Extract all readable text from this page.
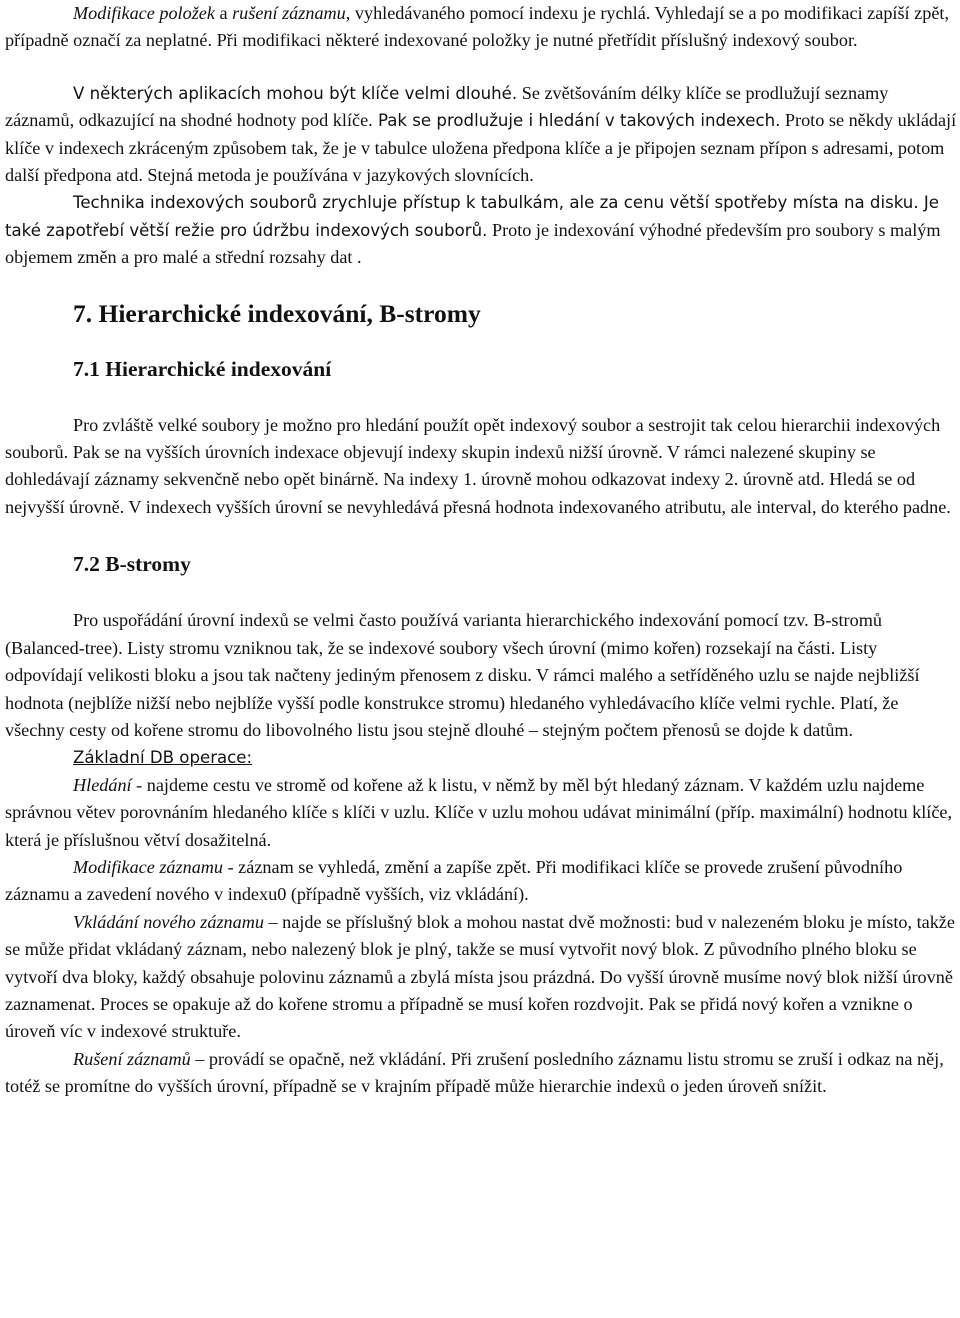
Modifikace položek a rušení záznamu, vyhledávaného pomocí indexu je rychlá. Vyhledají se a po modifikaci zapíší zpět, případně označí za neplatné. Při modifikaci některé indexované položky je nutné přetřídit příslušný indexový soubor.

V některých aplikacích mohou být klíče velmi dlouhé. Se zvětšováním délky klíče se prodlužují seznamy záznamů, odkazující na shodné hodnoty pod klíče. Pak se prodlužuje i hledání v takových indexech. Proto se někdy ukládají klíče v indexech zkráceným způsobem tak, že je v tabulce uložena předpona klíče a je připojen seznam přípon s adresami, potom další předpona atd. Stejná metoda je používána v jazykových slovnících.

Technika indexových souborů zrychluje přístup k tabulkám, ale za cenu větší spotřeby místa na disku. Je také zapotřebí větší režie pro údržbu indexových souborů. Proto je indexování výhodné především pro soubory s malým objemem změn a pro malé a střední rozsahy dat .

7. Hierarchické indexování, B-stromy
7.1 Hierarchické indexování

Pro zvláště velké soubory je možno pro hledání použít opět indexový soubor a sestrojit tak celou hierarchii indexových souborů. Pak se na vyšších úrovních indexace objevují indexy skupin indexů nižší úrovně. V rámci nalezené skupiny se dohledávají záznamy sekvenčně nebo opět binárně. Na indexy 1. úrovně mohou odkazovat indexy 2. úrovně atd. Hledá se od nejvyšší úrovně. V indexech vyšších úrovní se nevyhledává přesná hodnota indexovaného atributu, ale interval, do kterého padne.

7.2 B-stromy

Pro uspořádání úrovní indexů se velmi často používá varianta hierarchického indexování pomocí tzv. B-stromů (Balanced-tree). Listy stromu vzniknou tak, že se indexové soubory všech úrovní (mimo kořen) rozsekají na části. Listy odpovídají velikosti bloku a jsou tak načteny jediným přenosem z disku. V rámci malého a setříděného uzlu se najde nejbližší hodnota (nejblíže nižší nebo nejblíže vyšší podle konstrukce stromu) hledaného vyhledávacího klíče velmi rychle. Platí, že všechny cesty od kořene stromu do libovolného listu jsou stejně dlouhé – stejným počtem přenosů se dojde k datům.

Základní DB operace:

Hledání - najdeme cestu ve stromě od kořene až k listu, v němž by měl být hledaný záznam. V každém uzlu najdeme správnou větev porovnáním hledaného klíče s klíči v uzlu. Klíče v uzlu mohou udávat minimální (příp. maximální) hodnotu klíče, která je příslušnou větví dosažitelná.

Modifikace záznamu - záznam se vyhledá, změní a zapíše zpět. Při modifikaci klíče se provede zrušení původního záznamu a zavedení nového v indexu0 (případně vyšších, viz vkládání).

Vkládání nového záznamu – najde se příslušný blok a mohou nastat dvě možnosti: bud v nalezeném bloku je místo, takže se může přidat vkládaný záznam, nebo nalezený blok je plný, takže se musí vytvořit nový blok. Z původního plného bloku se vytvoří dva bloky, každý obsahuje polovinu záznamů a zbylá místa jsou prázdná. Do vyšší úrovně musíme nový blok nižší úrovně zaznamenat. Proces se opakuje až do kořene stromu a případně se musí kořen rozdvojit. Pak se přidá nový kořen a vznikne o úroveň víc v indexové struktuře.

Rušení záznamů – provádí se opačně, než vkládání. Při zrušení posledního záznamu listu stromu se zruší i odkaz na něj, totéž se promítne do vyšších úrovní, případně se v krajním případě může hierarchie indexů o jeden úroveň snížit.
